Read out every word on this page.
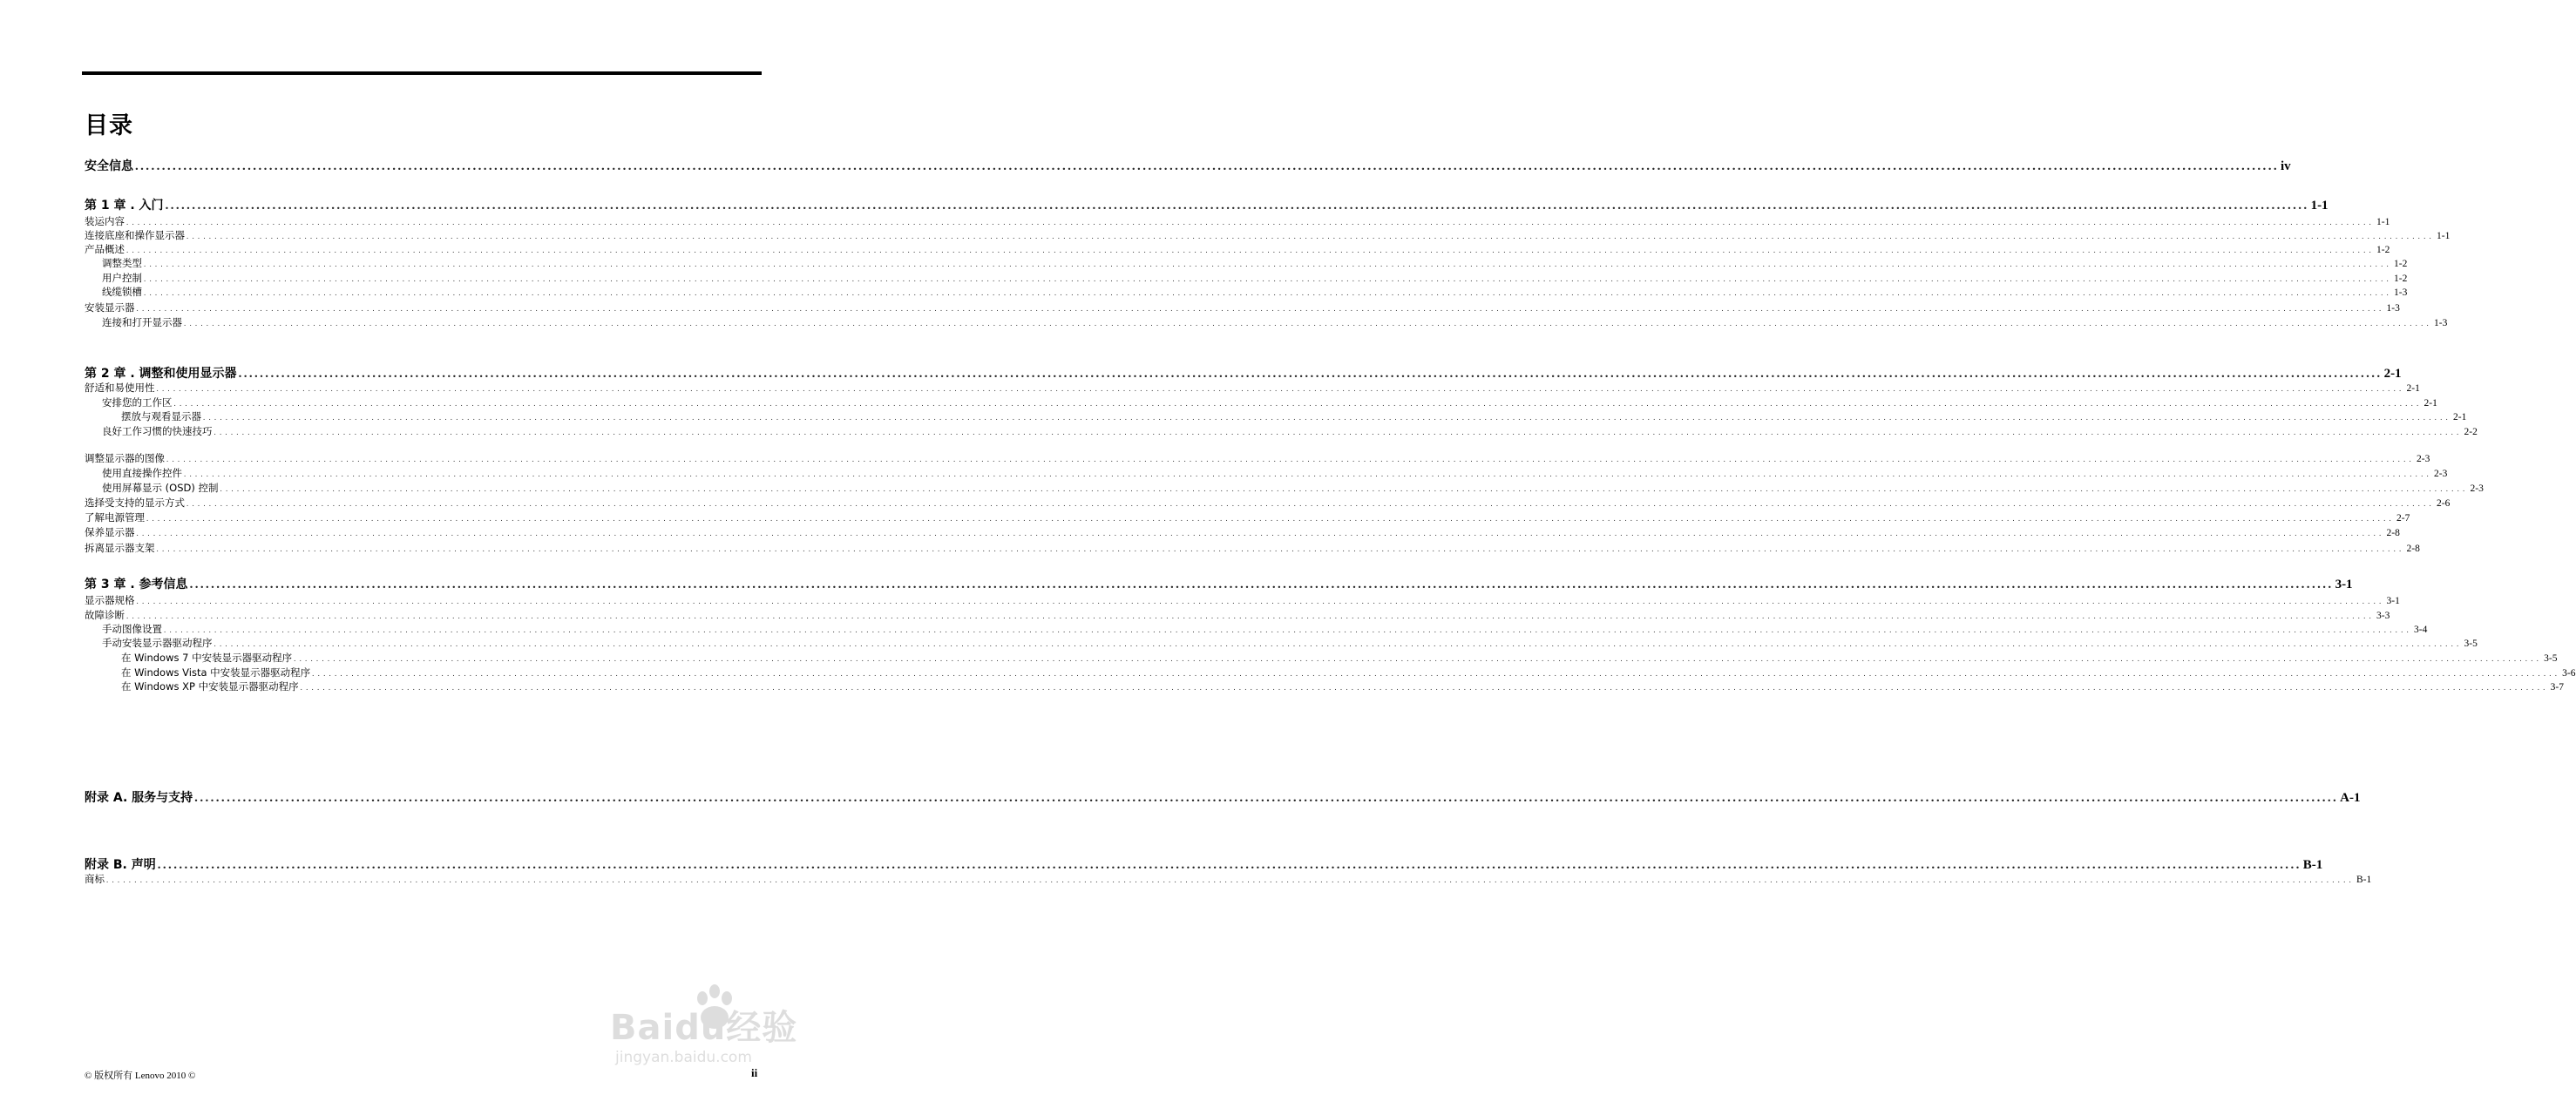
目录
安全信息 ................................................................................................................................................................................................................................................................................................................................................................................................................ iv
第 1 章 . 入门 ................................................................................................................................................................................................................................................................................................................................................................................................................ 1-1
装运内容 ................................................................................................................................................................................................................................................................................................................................................................................................................ 1-1
连接底座和操作显示器 ................................................................................................................................................................................................................................................................................................................................................................................................................ 1-1
产品概述 ................................................................................................................................................................................................................................................................................................................................................................................................................ 1-2
调整类型 ................................................................................................................................................................................................................................................................................................................................................................................................................ 1-2
用户控制 ................................................................................................................................................................................................................................................................................................................................................................................................................ 1-2
线缆锁槽 ................................................................................................................................................................................................................................................................................................................................................................................................................ 1-3
安装显示器 ................................................................................................................................................................................................................................................................................................................................................................................................................ 1-3
连接和打开显示器 ................................................................................................................................................................................................................................................................................................................................................................................................................ 1-3
第 2 章 . 调整和使用显示器 ................................................................................................................................................................................................................................................................................................................................................................................................................ 2-1
舒适和易使用性 ................................................................................................................................................................................................................................................................................................................................................................................................................ 2-1
安排您的工作区 ................................................................................................................................................................................................................................................................................................................................................................................................................ 2-1
摆放与观看显示器 ................................................................................................................................................................................................................................................................................................................................................................................................................ 2-1
良好工作习惯的快速技巧 ................................................................................................................................................................................................................................................................................................................................................................................................................ 2-2
调整显示器的图像 ................................................................................................................................................................................................................................................................................................................................................................................................................ 2-3
使用直接操作控件 ................................................................................................................................................................................................................................................................................................................................................................................................................ 2-3
使用屏幕显示 (OSD) 控制 ................................................................................................................................................................................................................................................................................................................................................................................................................ 2-3
选择受支持的显示方式 ................................................................................................................................................................................................................................................................................................................................................................................................................ 2-6
了解电源管理 ................................................................................................................................................................................................................................................................................................................................................................................................................ 2-7
保养显示器 ................................................................................................................................................................................................................................................................................................................................................................................................................ 2-8
拆离显示器支架 ................................................................................................................................................................................................................................................................................................................................................................................................................ 2-8
第 3 章 . 参考信息 ................................................................................................................................................................................................................................................................................................................................................................................................................ 3-1
显示器规格 ................................................................................................................................................................................................................................................................................................................................................................................................................ 3-1
故障诊断 ................................................................................................................................................................................................................................................................................................................................................................................................................ 3-3
手动图像设置 ................................................................................................................................................................................................................................................................................................................................................................................................................ 3-4
手动安装显示器驱动程序 ................................................................................................................................................................................................................................................................................................................................................................................................................ 3-5
在 Windows 7 中安装显示器驱动程序 ................................................................................................................................................................................................................................................................................................................................................................................................................ 3-5
在 Windows Vista 中安装显示器驱动程序 ................................................................................................................................................................................................................................................................................................................................................................................................................ 3-6
在 Windows XP 中安装显示器驱动程序 ................................................................................................................................................................................................................................................................................................................................................................................................................ 3-7
附录 A. 服务与支持 ................................................................................................................................................................................................................................................................................................................................................................................................................ A-1
附录 B. 声明 ................................................................................................................................................................................................................................................................................................................................................................................................................ B-1
商标 ................................................................................................................................................................................................................................................................................................................................................................................................................ B-1
© 版权所有 Lenovo 2010 ©	ii
Baidu经验
jingyan.baidu.com
